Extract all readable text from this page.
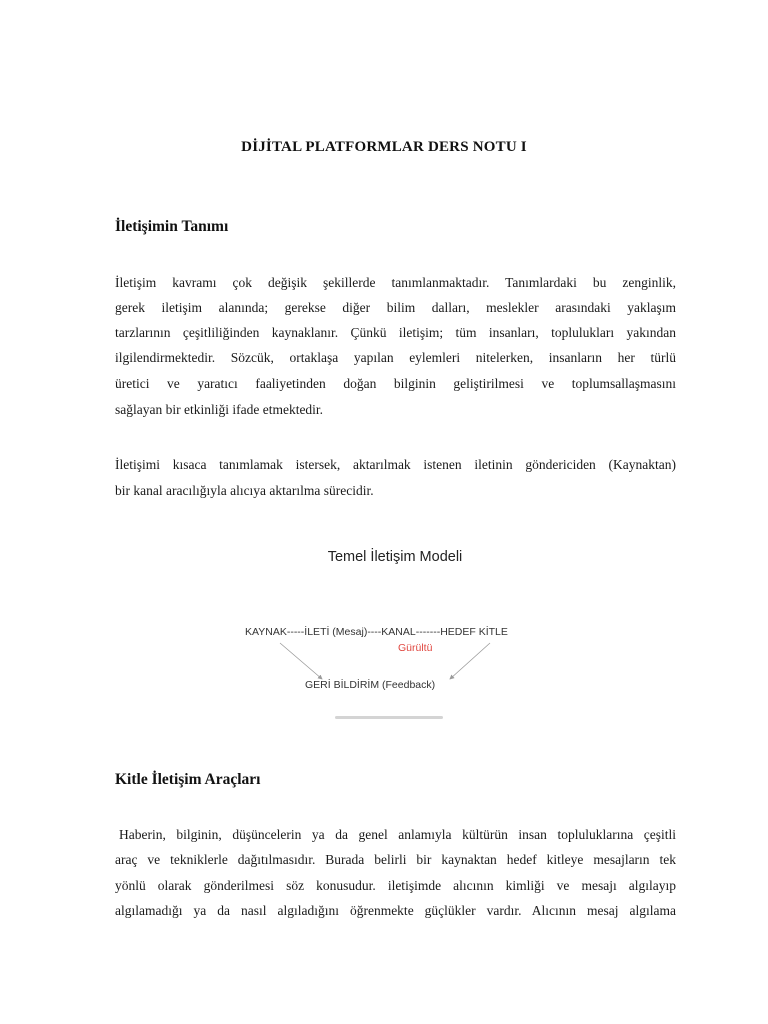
DİJİTAL PLATFORMLAR DERS NOTU I
İletişimin Tanımı
İletişim kavramı çok değişik şekillerde tanımlanmaktadır. Tanımlardaki bu zenginlik,
gerek iletişim alanında; gerekse diğer bilim dalları, meslekler arasındaki yaklaşım
tarzlarının çeşitliliğinden kaynaklanır. Çünkü iletişim; tüm insanları, toplulukları yakından
ilgilendirmektedir. Sözcük, ortaklaşa yapılan eylemleri nitelerken, insanların her türlü
üretici ve yaratıcı faaliyetinden doğan bilginin geliştirilmesi ve toplumsallaşmasını
sağlayan bir etkinliği ifade etmektedir.
İletişimi kısaca tanımlamak istersek, aktarılmak istenen iletinin göndericiden (Kaynaktan)
bir kanal aracılığıyla alıcıya aktarılma sürecidir.
Temel İletişim Modeli
KAYNAK-----İLETİ (Mesaj)----KANAL-------HEDEF KİTLE
Gürültü
GERİ BİLDİRİM (Feedback)
Kitle İletişim Araçları
Haberin, bilginin, düşüncelerin ya da genel anlamıyla kültürün insan topluluklarına çeşitli
araç ve tekniklerle dağıtılmasıdır. Burada belirli bir kaynaktan hedef kitleye mesajların tek
yönlü olarak gönderilmesi söz konusudur. iletişimde alıcının kimliği ve mesajı algılayıp
algılamadığı ya da nasıl algıladığını öğrenmekte güçlükler vardır. Alıcının mesaj algılama
